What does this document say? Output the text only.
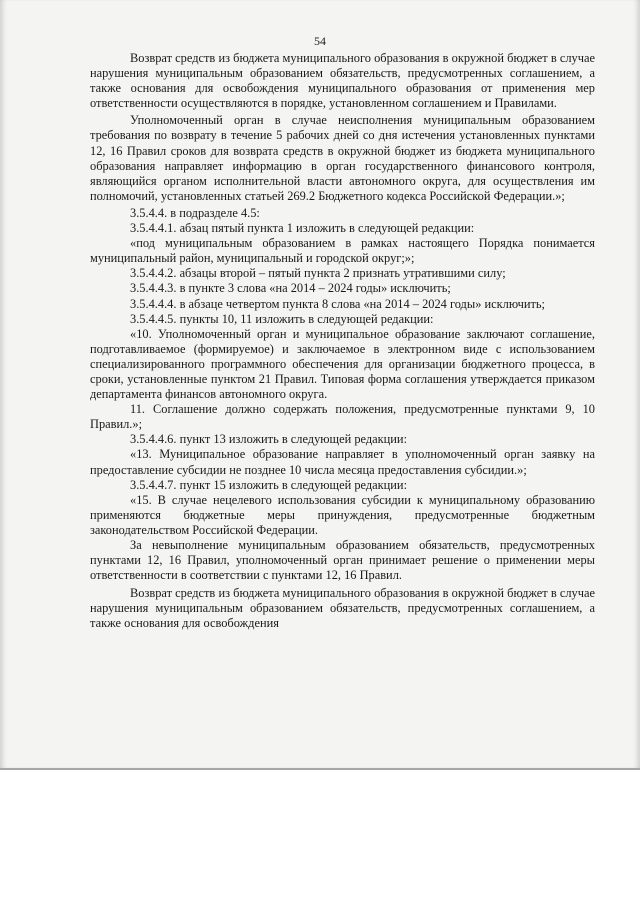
54

Возврат средств из бюджета муниципального образования в окружной бюджет в случае нарушения муниципальным образованием обязательств, предусмотренных соглашением, а также основания для освобождения муниципального образования от применения мер ответственности осуществляются в порядке, установленном соглашением и Правилами.

Уполномоченный орган в случае неисполнения муниципальным образованием требования по возврату в течение 5 рабочих дней со дня истечения установленных пунктами 12, 16 Правил сроков для возврата средств в окружной бюджет из бюджета муниципального образования направляет информацию в орган государственного финансового контроля, являющийся органом исполнительной власти автономного округа, для осуществления им полномочий, установленных статьей 269.2 Бюджетного кодекса Российской Федерации.»;

3.5.4.4. в подразделе 4.5:

3.5.4.4.1. абзац пятый пункта 1 изложить в следующей редакции:

«под муниципальным образованием в рамках настоящего Порядка понимается муниципальный район, муниципальный и городской округ;»;

3.5.4.4.2. абзацы второй – пятый пункта 2 признать утратившими силу;

3.5.4.4.3. в пункте 3 слова «на 2014 – 2024 годы» исключить;

3.5.4.4.4. в абзаце четвертом пункта 8 слова «на 2014 – 2024 годы» исключить;

3.5.4.4.5. пункты 10, 11 изложить в следующей редакции:

«10. Уполномоченный орган и муниципальное образование заключают соглашение, подготавливаемое (формируемое) и заключаемое в электронном виде с использованием специализированного программного обеспечения для организации бюджетного процесса, в сроки, установленные пунктом 21 Правил. Типовая форма соглашения утверждается приказом департамента финансов автономного округа.

11. Соглашение должно содержать положения, предусмотренные пунктами 9, 10 Правил.»;

3.5.4.4.6. пункт 13 изложить в следующей редакции:

«13. Муниципальное образование направляет в уполномоченный орган заявку на предоставление субсидии не позднее 10 числа месяца предоставления субсидии.»;

3.5.4.4.7. пункт 15 изложить в следующей редакции:

«15. В случае нецелевого использования субсидии к муниципальному образованию применяются бюджетные меры принуждения, предусмотренные бюджетным законодательством Российской Федерации.

За невыполнение муниципальным образованием обязательств, предусмотренных пунктами 12, 16 Правил, уполномоченный орган принимает решение о применении меры ответственности в соответствии с пунктами 12, 16 Правил.

Возврат средств из бюджета муниципального образования в окружной бюджет в случае нарушения муниципальным образованием обязательств, предусмотренных соглашением, а также основания для освобождения
